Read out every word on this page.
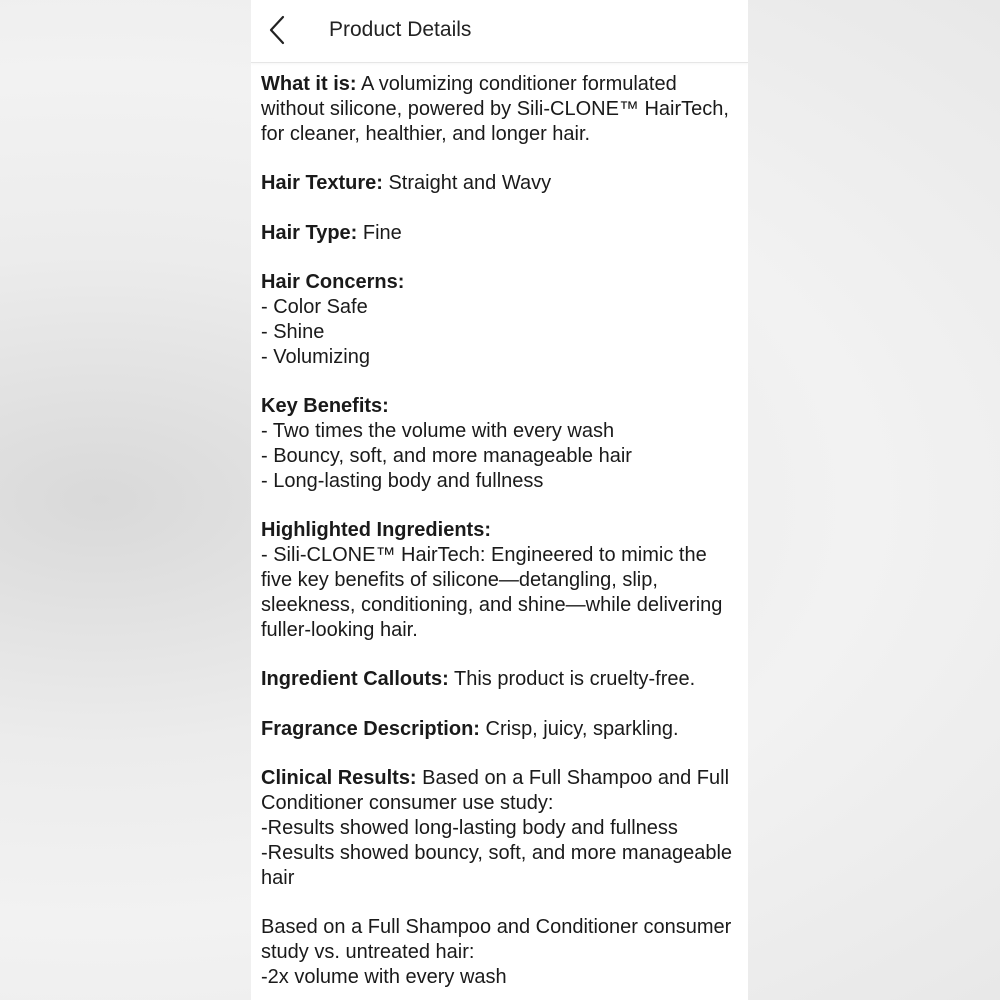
Product Details

What it is: A volumizing conditioner formulated without silicone, powered by Sili-CLONE™ HairTech, for cleaner, healthier, and longer hair.

Hair Texture: Straight and Wavy

Hair Type: Fine

Hair Concerns:
- Color Safe
- Shine
- Volumizing

Key Benefits:
- Two times the volume with every wash
- Bouncy, soft, and more manageable hair
- Long-lasting body and fullness

Highlighted Ingredients:
- Sili-CLONE™ HairTech: Engineered to mimic the five key benefits of silicone—detangling, slip, sleekness, conditioning, and shine—while delivering fuller-looking hair.

Ingredient Callouts: This product is cruelty-free.

Fragrance Description: Crisp, juicy, sparkling.

Clinical Results: Based on a Full Shampoo and Full Conditioner consumer use study:
-Results showed long-lasting body and fullness
-Results showed bouncy, soft, and more manageable hair

Based on a Full Shampoo and Conditioner consumer study vs. untreated hair:
-2x volume with every wash
